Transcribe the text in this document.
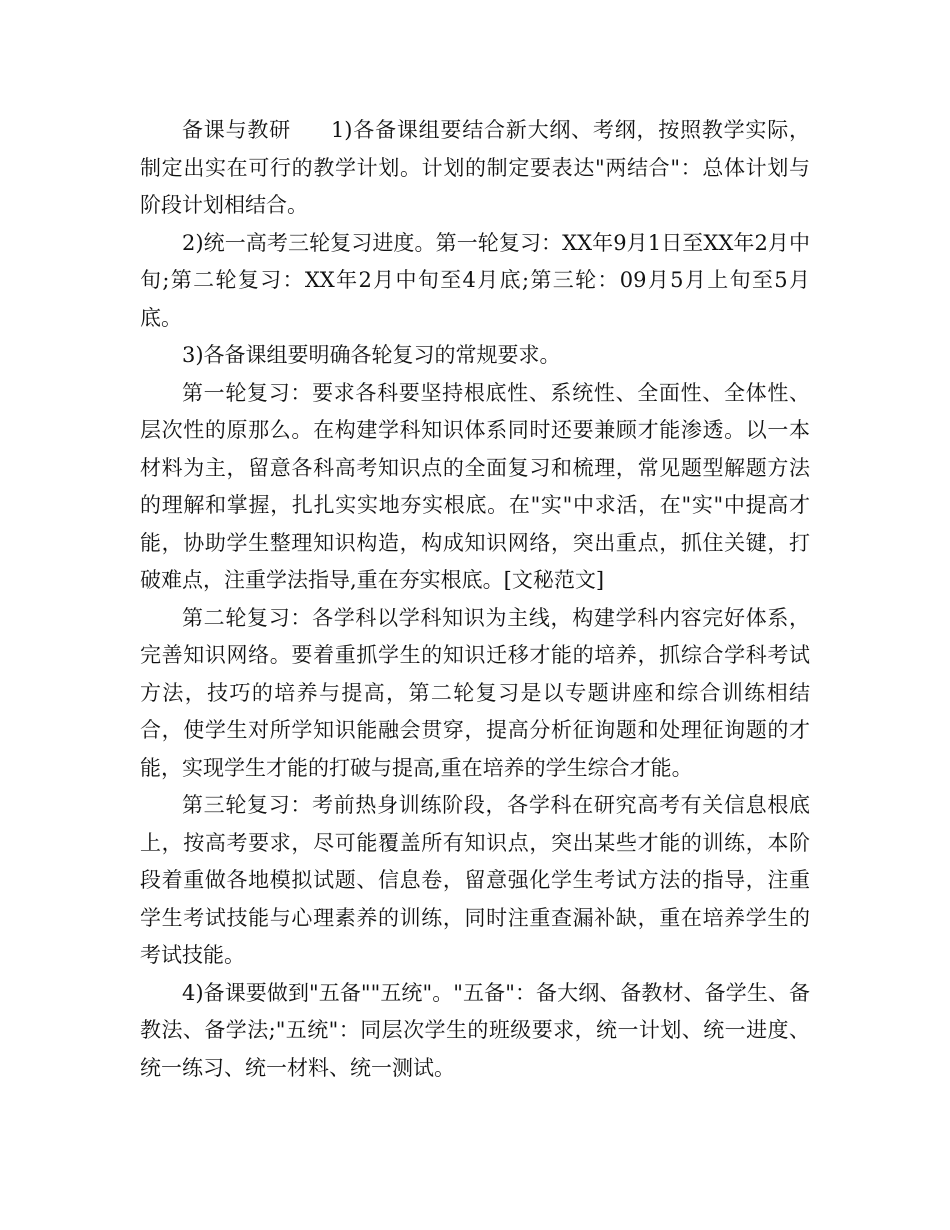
备课与教研 1)各备课组要结合新大纲、考纲，按照教学实际，制定出实在可行的教学计划。计划的制定要表达"两结合"：总体计划与阶段计划相结合。

2)统一高考三轮复习进度。第一轮复习：XX年9月1日至XX年2月中旬;第二轮复习：XX年2月中旬至4月底;第三轮：09月5月上旬至5月底。

3)各备课组要明确各轮复习的常规要求。

第一轮复习：要求各科要坚持根底性、系统性、全面性、全体性、层次性的原那么。在构建学科知识体系同时还要兼顾才能渗透。以一本材料为主，留意各科高考知识点的全面复习和梳理，常见题型解题方法的理解和掌握，扎扎实实地夯实根底。在"实"中求活，在"实"中提高才能，协助学生整理知识构造，构成知识网络，突出重点，抓住关键，打破难点，注重学法指导,重在夯实根底。[文秘范文]

第二轮复习：各学科以学科知识为主线，构建学科内容完好体系，完善知识网络。要着重抓学生的知识迁移才能的培养，抓综合学科考试方法，技巧的培养与提高，第二轮复习是以专题讲座和综合训练相结合，使学生对所学知识能融会贯穿，提高分析征询题和处理征询题的才能，实现学生才能的打破与提高,重在培养的学生综合才能。

第三轮复习：考前热身训练阶段，各学科在研究高考有关信息根底上，按高考要求，尽可能覆盖所有知识点，突出某些才能的训练，本阶段着重做各地模拟试题、信息卷，留意强化学生考试方法的指导，注重学生考试技能与心理素养的训练，同时注重查漏补缺，重在培养学生的考试技能。

4)备课要做到"五备""五统"。"五备"：备大纲、备教材、备学生、备教法、备学法;"五统"：同层次学生的班级要求，统一计划、统一进度、统一练习、统一材料、统一测试。
